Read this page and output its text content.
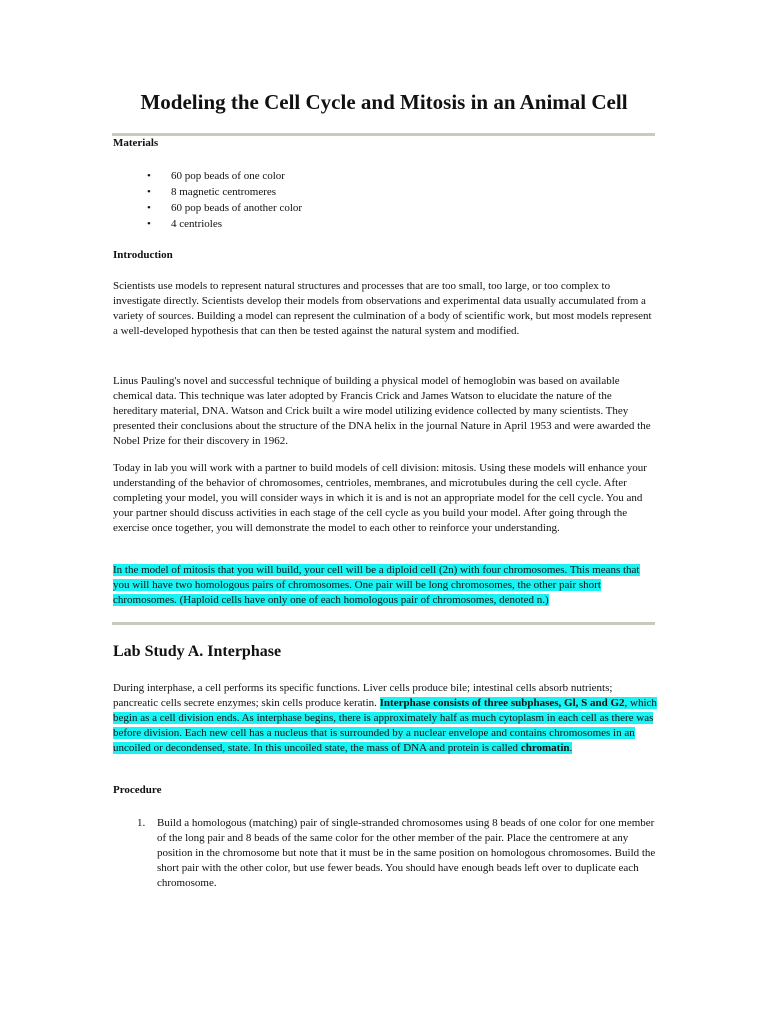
Modeling the Cell Cycle and Mitosis in an Animal Cell
Materials
• 60 pop beads of one color
• 8 magnetic centromeres
• 60 pop beads of another color
• 4 centrioles
Introduction

Scientists use models to represent natural structures and processes that are too small, too large, or too complex to investigate directly. Scientists develop their models from observations and experimental data usually accumulated from a variety of sources. Building a model can represent the culmination of a body of scientific work, but most models represent a well-developed hypothesis that can then be tested against the natural system and modified.

Linus Pauling's novel and successful technique of building a physical model of hemoglobin was based on available chemical data. This technique was later adopted by Francis Crick and James Watson to elucidate the nature of the hereditary material, DNA. Watson and Crick built a wire model utilizing evidence collected by many scientists. They presented their conclusions about the structure of the DNA helix in the journal Nature in April 1953 and were awarded the Nobel Prize for their discovery in 1962.

Today in lab you will work with a partner to build models of cell division: mitosis. Using these models will enhance your understanding of the behavior of chromosomes, centrioles, membranes, and microtubules during the cell cycle. After completing your model, you will consider ways in which it is and is not an appropriate model for the cell cycle. You and your partner should discuss activities in each stage of the cell cycle as you build your model. After going through the exercise once together, you will demonstrate the model to each other to reinforce your understanding.

In the model of mitosis that you will build, your cell will be a diploid cell (2n) with four chromosomes. This means that you will have two homologous pairs of chromosomes. One pair will be long chromosomes, the other pair short chromosomes. (Haploid cells have only one of each homologous pair of chromosomes, denoted n.)

Lab Study A. Interphase

During interphase, a cell performs its specific functions. Liver cells produce bile; intestinal cells absorb nutrients; pancreatic cells secrete enzymes; skin cells produce keratin. Interphase consists of three subphases, Gl, S and G2, which begin as a cell division ends. As interphase begins, there is approximately half as much cytoplasm in each cell as there was before division. Each new cell has a nucleus that is surrounded by a nuclear envelope and contains chromosomes in an uncoiled or decondensed, state. In this uncoiled state, the mass of DNA and protein is called chromatin.

Procedure
1. Build a homologous (matching) pair of single-stranded chromosomes using 8 beads of one color for one member of the long pair and 8 beads of the same color for the other member of the pair. Place the centromere at any position in the chromosome but note that it must be in the same position on homologous chromosomes. Build the short pair with the other color, but use fewer beads. You should have enough beads left over to duplicate each chromosome.
